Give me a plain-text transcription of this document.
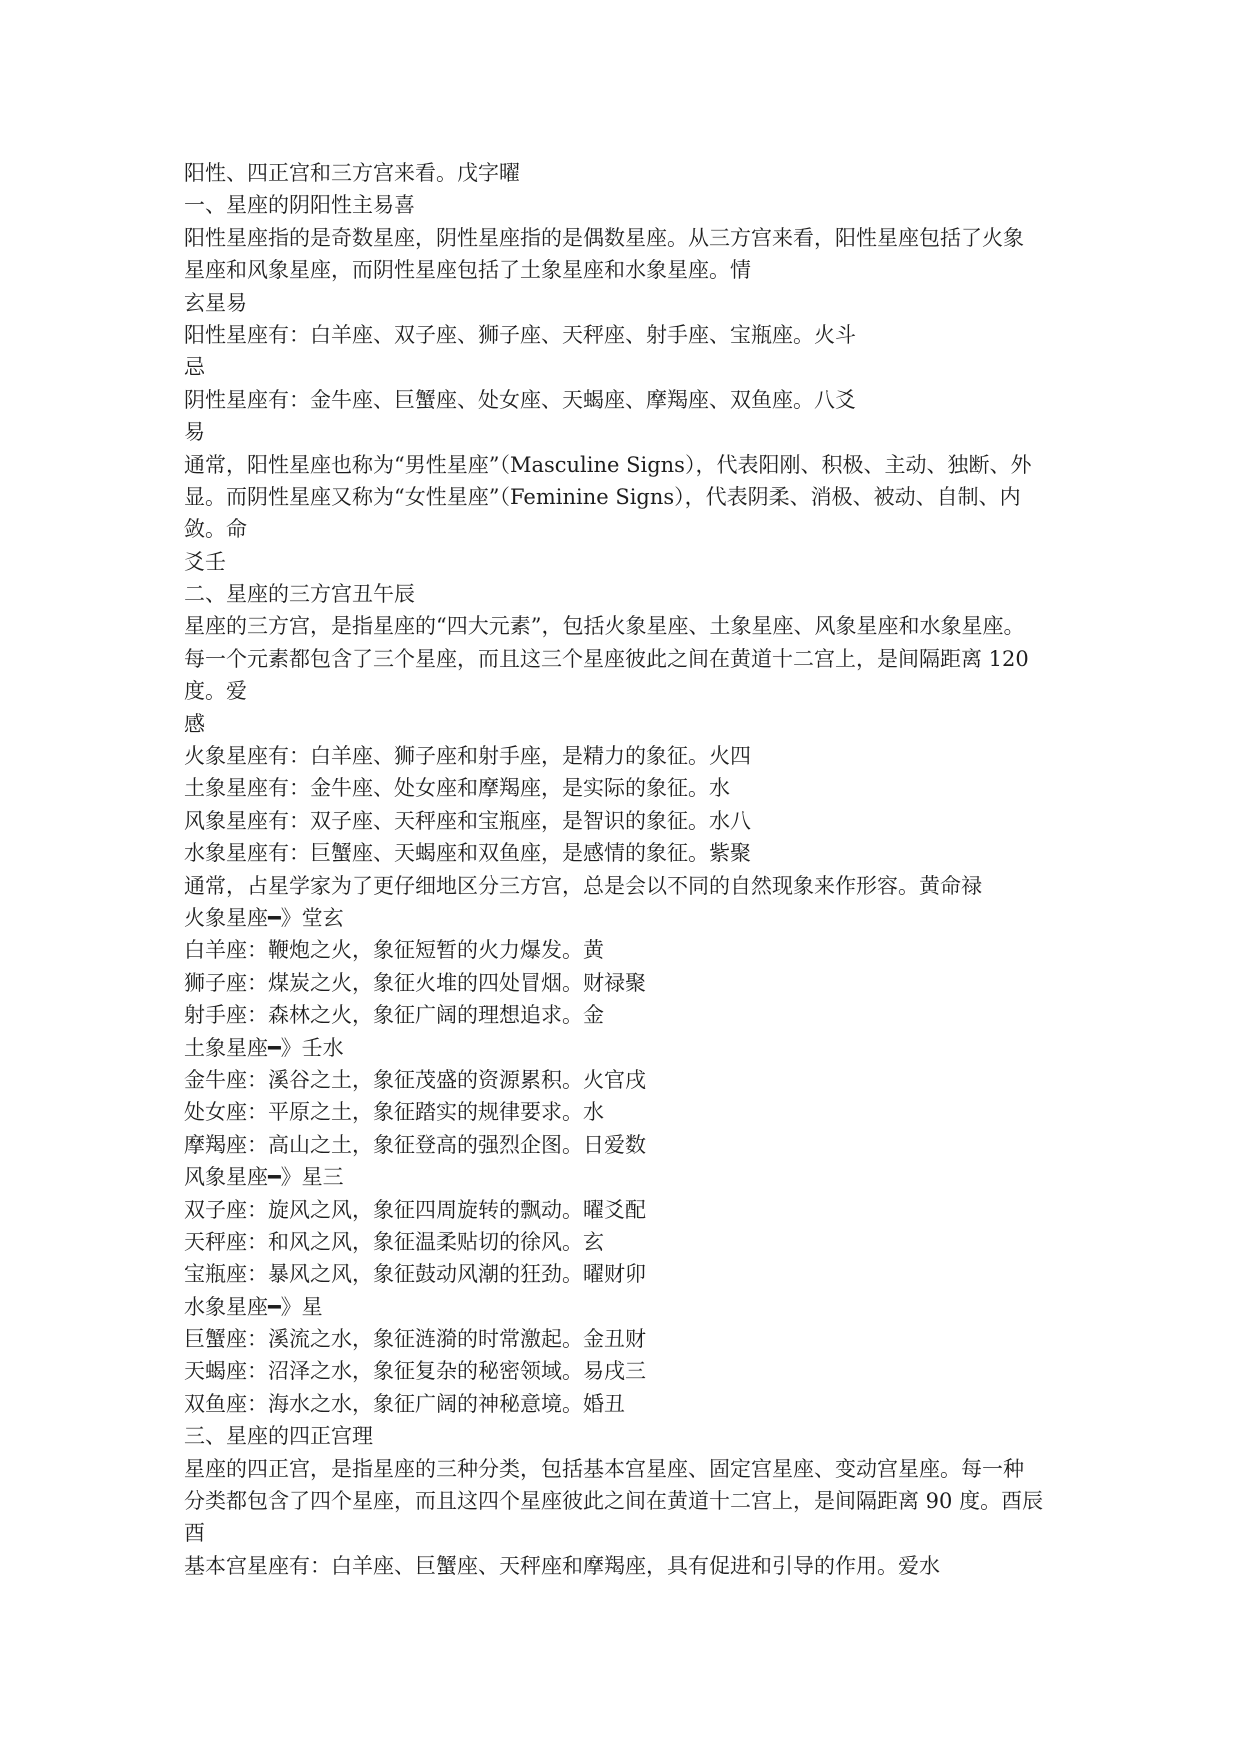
阳性、四正宫和三方宫来看。戊字曜
一、星座的阴阳性主易喜
阳性星座指的是奇数星座，阴性星座指的是偶数星座。从三方宫来看，阳性星座包括了火象
星座和风象星座，而阴性星座包括了土象星座和水象星座。情
玄星易
阳性星座有：白羊座、双子座、狮子座、天秤座、射手座、宝瓶座。火斗
忌
阴性星座有：金牛座、巨蟹座、处女座、天蝎座、摩羯座、双鱼座。八爻
易
通常，阳性星座也称为“男性星座”（Masculine Signs），代表阳刚、积极、主动、独断、外
显。而阴性星座又称为“女性星座”（Feminine Signs），代表阴柔、消极、被动、自制、内
敛。命
爻壬
二、星座的三方宫丑午辰
星座的三方宫，是指星座的“四大元素”，包括火象星座、土象星座、风象星座和水象星座。
每一个元素都包含了三个星座，而且这三个星座彼此之间在黄道十二宫上，是间隔距离 120
度。爱
感
火象星座有：白羊座、狮子座和射手座，是精力的象征。火四
土象星座有：金牛座、处女座和摩羯座，是实际的象征。水
风象星座有：双子座、天秤座和宝瓶座，是智识的象征。水八
水象星座有：巨蟹座、天蝎座和双鱼座，是感情的象征。紫聚
通常，占星学家为了更仔细地区分三方宫，总是会以不同的自然现象来作形容。黄命禄
火象星座━》堂玄
白羊座：鞭炮之火，象征短暂的火力爆发。黄
狮子座：煤炭之火，象征火堆的四处冒烟。财禄聚
射手座：森林之火，象征广阔的理想追求。金
土象星座━》壬水
金牛座：溪谷之土，象征茂盛的资源累积。火官戌
处女座：平原之土，象征踏实的规律要求。水
摩羯座：高山之土，象征登高的强烈企图。日爱数
风象星座━》星三
双子座：旋风之风，象征四周旋转的飘动。曜爻配
天秤座：和风之风，象征温柔贴切的徐风。玄
宝瓶座：暴风之风，象征鼓动风潮的狂劲。曜财卯
水象星座━》星
巨蟹座：溪流之水，象征涟漪的时常激起。金丑财
天蝎座：沼泽之水，象征复杂的秘密领域。易戌三
双鱼座：海水之水，象征广阔的神秘意境。婚丑
三、星座的四正宫理
星座的四正宫，是指星座的三种分类，包括基本宫星座、固定宫星座、变动宫星座。每一种
分类都包含了四个星座，而且这四个星座彼此之间在黄道十二宫上，是间隔距离 90 度。酉辰
酉
基本宫星座有：白羊座、巨蟹座、天秤座和摩羯座，具有促进和引导的作用。爱水
